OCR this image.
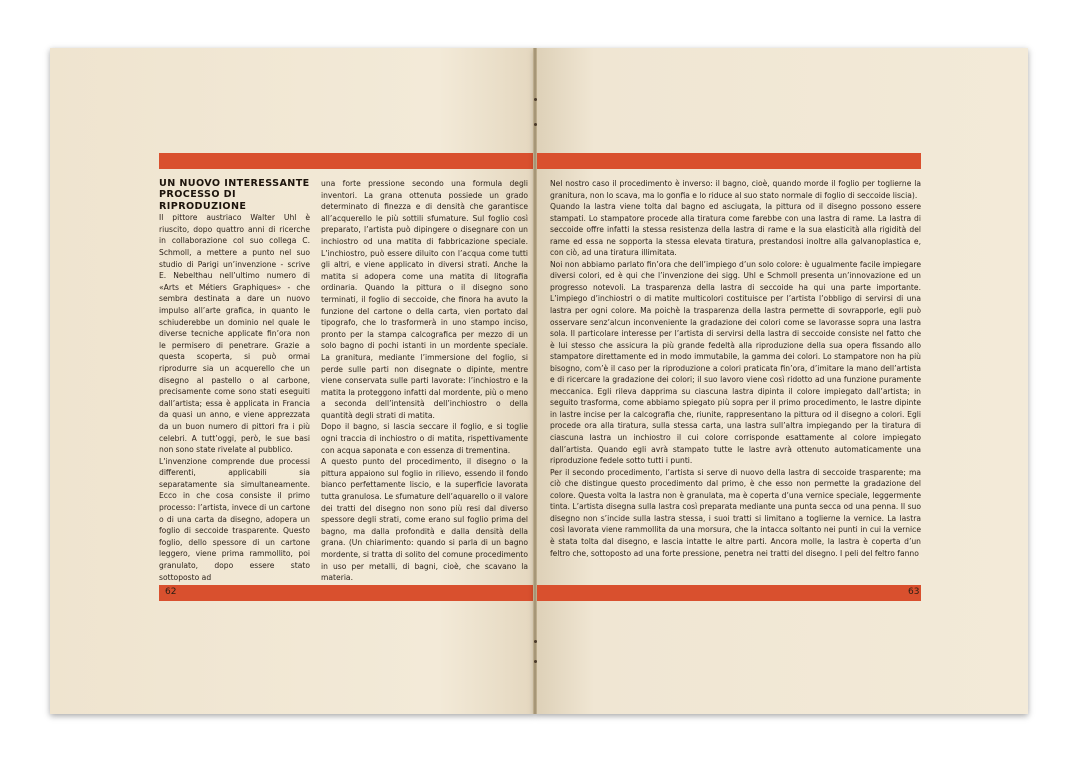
UN NUOVO INTERESSANTE

PROCESSO DI RIPRODUZIONE

Il pittore austriaco Walter Uhl è riuscito, dopo quattro anni di ricerche in collaborazione col suo collega C. Schmoll, a mettere a punto nel suo studio di Parigi un’invenzione - scrive E. Nebelthau nell’ultimo numero di «Arts et Métiers Graphiques» - che sembra destinata a dare un nuovo impulso all’arte grafica, in quanto le schiuderebbe un dominio nel quale le diverse tecniche applicate fin’ora non le permisero di penetrare. Grazie a questa scoperta, si può ormai riprodurre sia un acquerello che un disegno al pastello o al carbone, precisamente come sono stati eseguiti dall’artista; essa è applicata in Francia da quasi un anno, e viene apprezzata da un buon numero di pittori fra i più celebri. A tutt’oggi, però, le sue basi non sono state rivelate al pubblico.

L’invenzione comprende due processi differenti, applicabili sia separatamente sia simultaneamente. Ecco in che cosa consiste il primo processo: l’artista, invece di un cartone o di una carta da disegno, adopera un foglio di seccoide trasparente. Questo foglio, dello spessore di un cartone leggero, viene prima rammollito, poi granulato, dopo essere stato sottoposto ad

una forte pressione secondo una formula degli inventori. La grana ottenuta possiede un grado determinato di finezza e di densità che garantisce all’acquerello le più sottili sfumature. Sul foglio così preparato, l’artista può dipingere o disegnare con un inchiostro od una matita di fabbricazione speciale. L’inchiostro, può essere diluito con l’acqua come tutti gli altri, e viene applicato in diversi strati. Anche la matita si adopera come una matita di litografia ordinaria. Quando la pittura o il disegno sono terminati, il foglio di seccoide, che finora ha avuto la funzione del cartone o della carta, vien portato dal tipografo, che lo trasformerà in uno stampo inciso, pronto per la stampa calcografica per mezzo di un solo bagno di pochi istanti in un mordente speciale. La granitura, mediante l’immersione del foglio, si perde sulle parti non disegnate o dipinte, mentre viene conservata sulle parti lavorate: l’inchiostro e la matita la proteggono infatti dal mordente, più o meno a seconda dell’intensità dell’inchiostro o della quantità degli strati di matita.

Dopo il bagno, si lascia seccare il foglio, e si toglie ogni traccia di inchiostro o di matita, rispettivamente con acqua saponata e con essenza di trementina.

A questo punto del procedimento, il disegno o la pittura appaiono sul foglio in rilievo, essendo il fondo bianco perfettamente liscio, e la superficie lavorata tutta granulosa. Le sfumature dell’aquarello o il valore dei tratti del disegno non sono più resi dal diverso spessore degli strati, come erano sul foglio prima del bagno, ma dalla profondità e dalla densità della grana. (Un chiarimento: quando si parla di un bagno mordente, si tratta di solito del comune procedimento in uso per metalli, di bagni, cioè, che scavano la materia.

62

Nel nostro caso il procedimento è inverso: il bagno, cioè, quando morde il foglio per toglierne la granitura, non lo scava, ma lo gonfia e lo riduce al suo stato normale di foglio di seccoide liscia).

Quando la lastra viene tolta dal bagno ed asciugata, la pittura od il disegno possono essere stampati. Lo stampatore procede alla tiratura come farebbe con una lastra di rame. La lastra di seccoide offre infatti la stessa resistenza della lastra di rame e la sua elasticità alla rigidità del rame ed essa ne sopporta la stessa elevata tiratura, prestandosi inoltre alla galvanoplastica e, con ciò, ad una tiratura illimitata.

Noi non abbiamo parlato fin’ora che dell’impiego d’un solo colore: è ugualmente facile impiegare diversi colori, ed è qui che l’invenzione dei sigg. Uhl e Schmoll presenta un’innovazione ed un progresso notevoli. La trasparenza della lastra di seccoide ha qui una parte importante. L’impiego d’inchiostri o di matite multicolori costituisce per l’artista l’obbligo di servirsi di una lastra per ogni colore. Ma poichè la trasparenza della lastra permette di sovrapporle, egli può osservare senz’alcun inconveniente la gradazione dei colori come se lavorasse sopra una lastra sola. Il particolare interesse per l’artista di servirsi della lastra di seccoide consiste nel fatto che è lui stesso che assicura la più grande fedeltà alla riproduzione della sua opera fissando allo stampatore direttamente ed in modo immutabile, la gamma dei colori. Lo stampatore non ha più bisogno, com’è il caso per la riproduzione a colori praticata fin’ora, d’imitare la mano dell’artista e di ricercare la gradazione dei colori; il suo lavoro viene così ridotto ad una funzione puramente meccanica. Egli rileva dapprima su ciascuna lastra dipinta il colore impiegato dall’artista; in seguito trasforma, come abbiamo spiegato più sopra per il primo procedimento, le lastre dipinte in lastre incise per la calcografia che, riunite, rappresentano la pittura od il disegno a colori. Egli procede ora alla tiratura, sulla stessa carta, una lastra sull’altra impiegando per la tiratura di ciascuna lastra un inchiostro il cui colore corrisponde esattamente al colore impiegato dall’artista. Quando egli avrà stampato tutte le lastre avrà ottenuto automaticamente una riproduzione fedele sotto tutti i punti.

Per il secondo procedimento, l’artista si serve di nuovo della lastra di seccoide trasparente; ma ciò che distingue questo procedimento dal primo, è che esso non permette la gradazione del colore. Questa volta la lastra non è granulata, ma è coperta d’una vernice speciale, leggermente tinta. L’artista disegna sulla lastra così preparata mediante una punta secca od una penna. Il suo disegno non s’incide sulla lastra stessa, i suoi tratti si limitano a toglierne la vernice. La lastra così lavorata viene rammollita da una morsura, che la intacca soltanto nei punti in cui la vernice è stata tolta dal disegno, e lascia intatte le altre parti. Ancora molle, la lastra è coperta d’un feltro che, sottoposto ad una forte pressione, penetra nei tratti del disegno. I peli del feltro fanno

63
